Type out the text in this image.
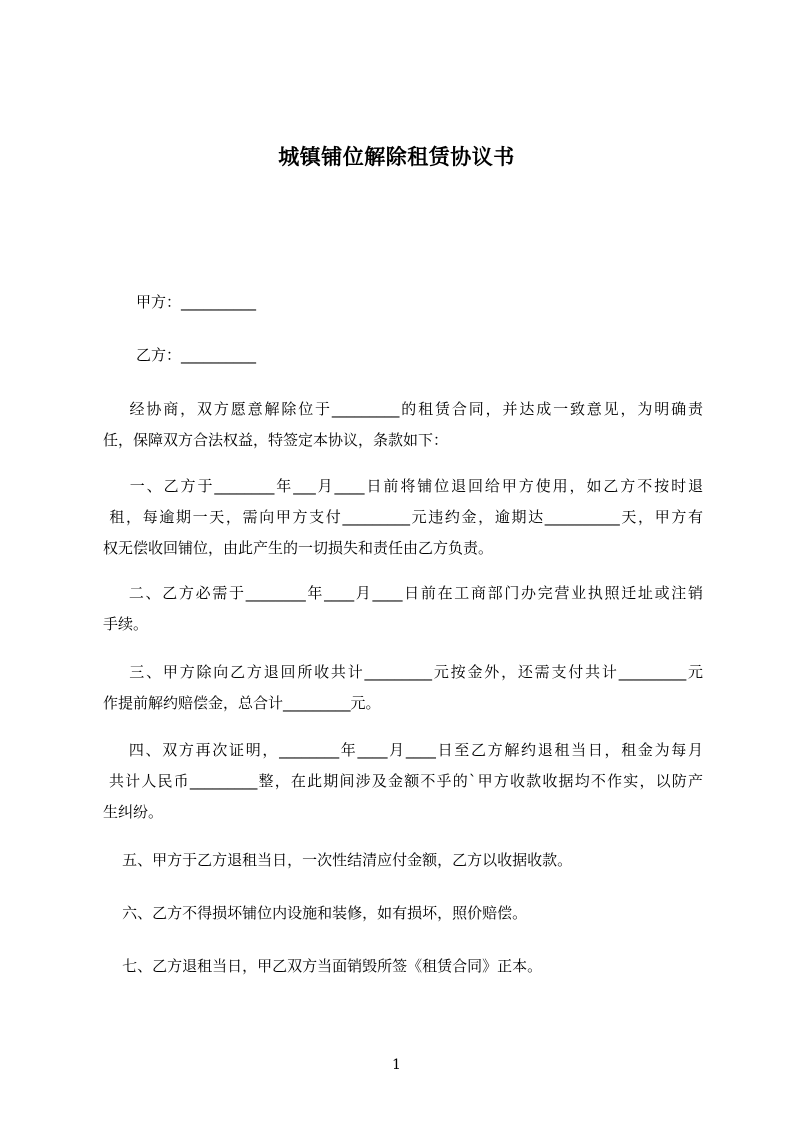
城镇铺位解除租赁协议书
甲方：__________
乙方：__________
经协商，双方愿意解除位于_________的租赁合同，并达成一致意见，为明确责
任，保障双方合法权益，特签定本协议，条款如下：
一、乙方于________年___月____日前将铺位退回给甲方使用，如乙方不按时退
租，每逾期一天，需向甲方支付_________元违约金，逾期达__________天，甲方有
权无偿收回铺位，由此产生的一切损失和责任由乙方负责。
二、乙方必需于________年____月____日前在工商部门办完营业执照迁址或注销
手续。
三、甲方除向乙方退回所收共计_________元按金外，还需支付共计_________元
作提前解约赔偿金，总合计_________元。
四、双方再次证明，________年____月____日至乙方解约退租当日，租金为每月
共计人民币_________整，在此期间涉及金额不乎的`甲方收款收据均不作实，以防产
生纠纷。
五、甲方于乙方退租当日，一次性结清应付金额，乙方以收据收款。
六、乙方不得损坏铺位内设施和装修，如有损坏，照价赔偿。
七、乙方退租当日，甲乙双方当面销毁所签《租赁合同》正本。
1
